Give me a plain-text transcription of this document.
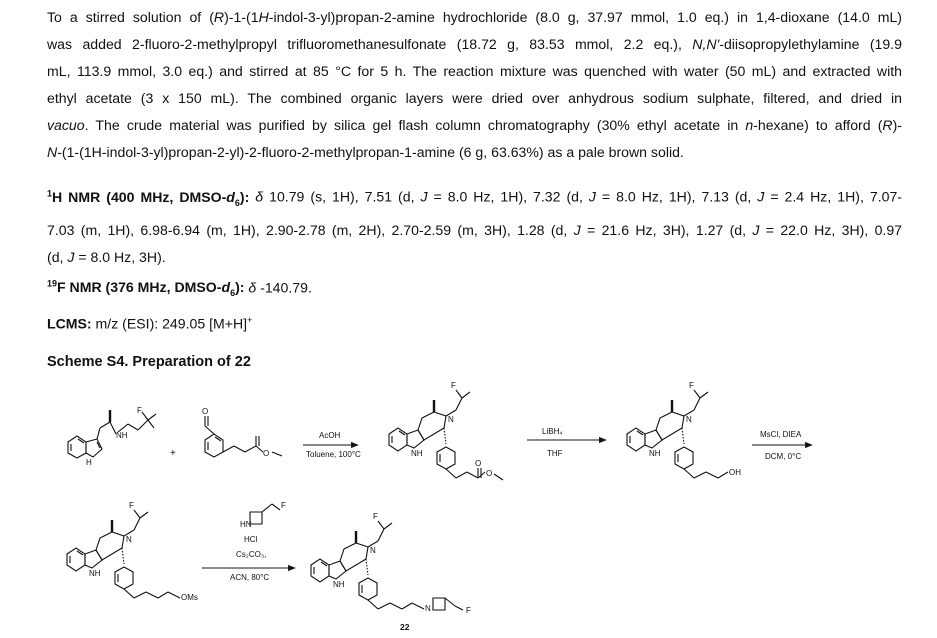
To a stirred solution of (R)-1-(1H-indol-3-yl)propan-2-amine hydrochloride (8.0 g, 37.97 mmol, 1.0 eq.) in 1,4-dioxane (14.0 mL)
was added 2-fluoro-2-methylpropyl trifluoromethanesulfonate (18.72 g, 83.53 mmol, 2.2 eq.), N,N'-diisopropylethylamine (19.9
mL, 113.9 mmol, 3.0 eq.) and stirred at 85 °C for 5 h. The reaction mixture was quenched with water (50 mL) and extracted with
ethyl acetate (3 x 150 mL). The combined organic layers were dried over anhydrous sodium sulphate, filtered, and dried in
vacuo. The crude material was purified by silica gel flash column chromatography (30% ethyl acetate in n-hexane) to afford (R)-
N-(1-(1H-indol-3-yl)propan-2-yl)-2-fluoro-2-methylpropan-1-amine (6 g, 63.63%) as a pale brown solid.
$^1$H NMR (400 MHz, DMSO-$d_6$): δ 10.79 (s, 1H), 7.51 (d, J = 8.0 Hz, 1H), 7.32 (d, J = 8.0 Hz, 1H), 7.13 (d, J = 2.4 Hz, 1H), 7.07-
7.03 (m, 1H), 6.98-6.94 (m, 1H), 2.90-2.78 (m, 2H), 2.70-2.59 (m, 3H), 1.28 (d, J = 21.6 Hz, 3H), 1.27 (d, J = 22.0 Hz, 3H), 0.97
(d, J = 8.0 Hz, 3H).
$^{19}$F NMR (376 MHz, DMSO-$d_6$): δ -140.79.
LCMS: m/z (ESI): 249.05 [M+H]+
Scheme S4. Preparation of 22
H
NH
F
+
O
O
AcOH
Toluene, 100°C	NH
N
F
O
O
LiBH₄
THF	NH
N
F
OH
MsCl, DIEA
DCM, 0°C
NH
N
F
OMs
HN
F
HCl
Cs₂CO₃,
ACN, 80°C
NH
N
F
N	F
22
